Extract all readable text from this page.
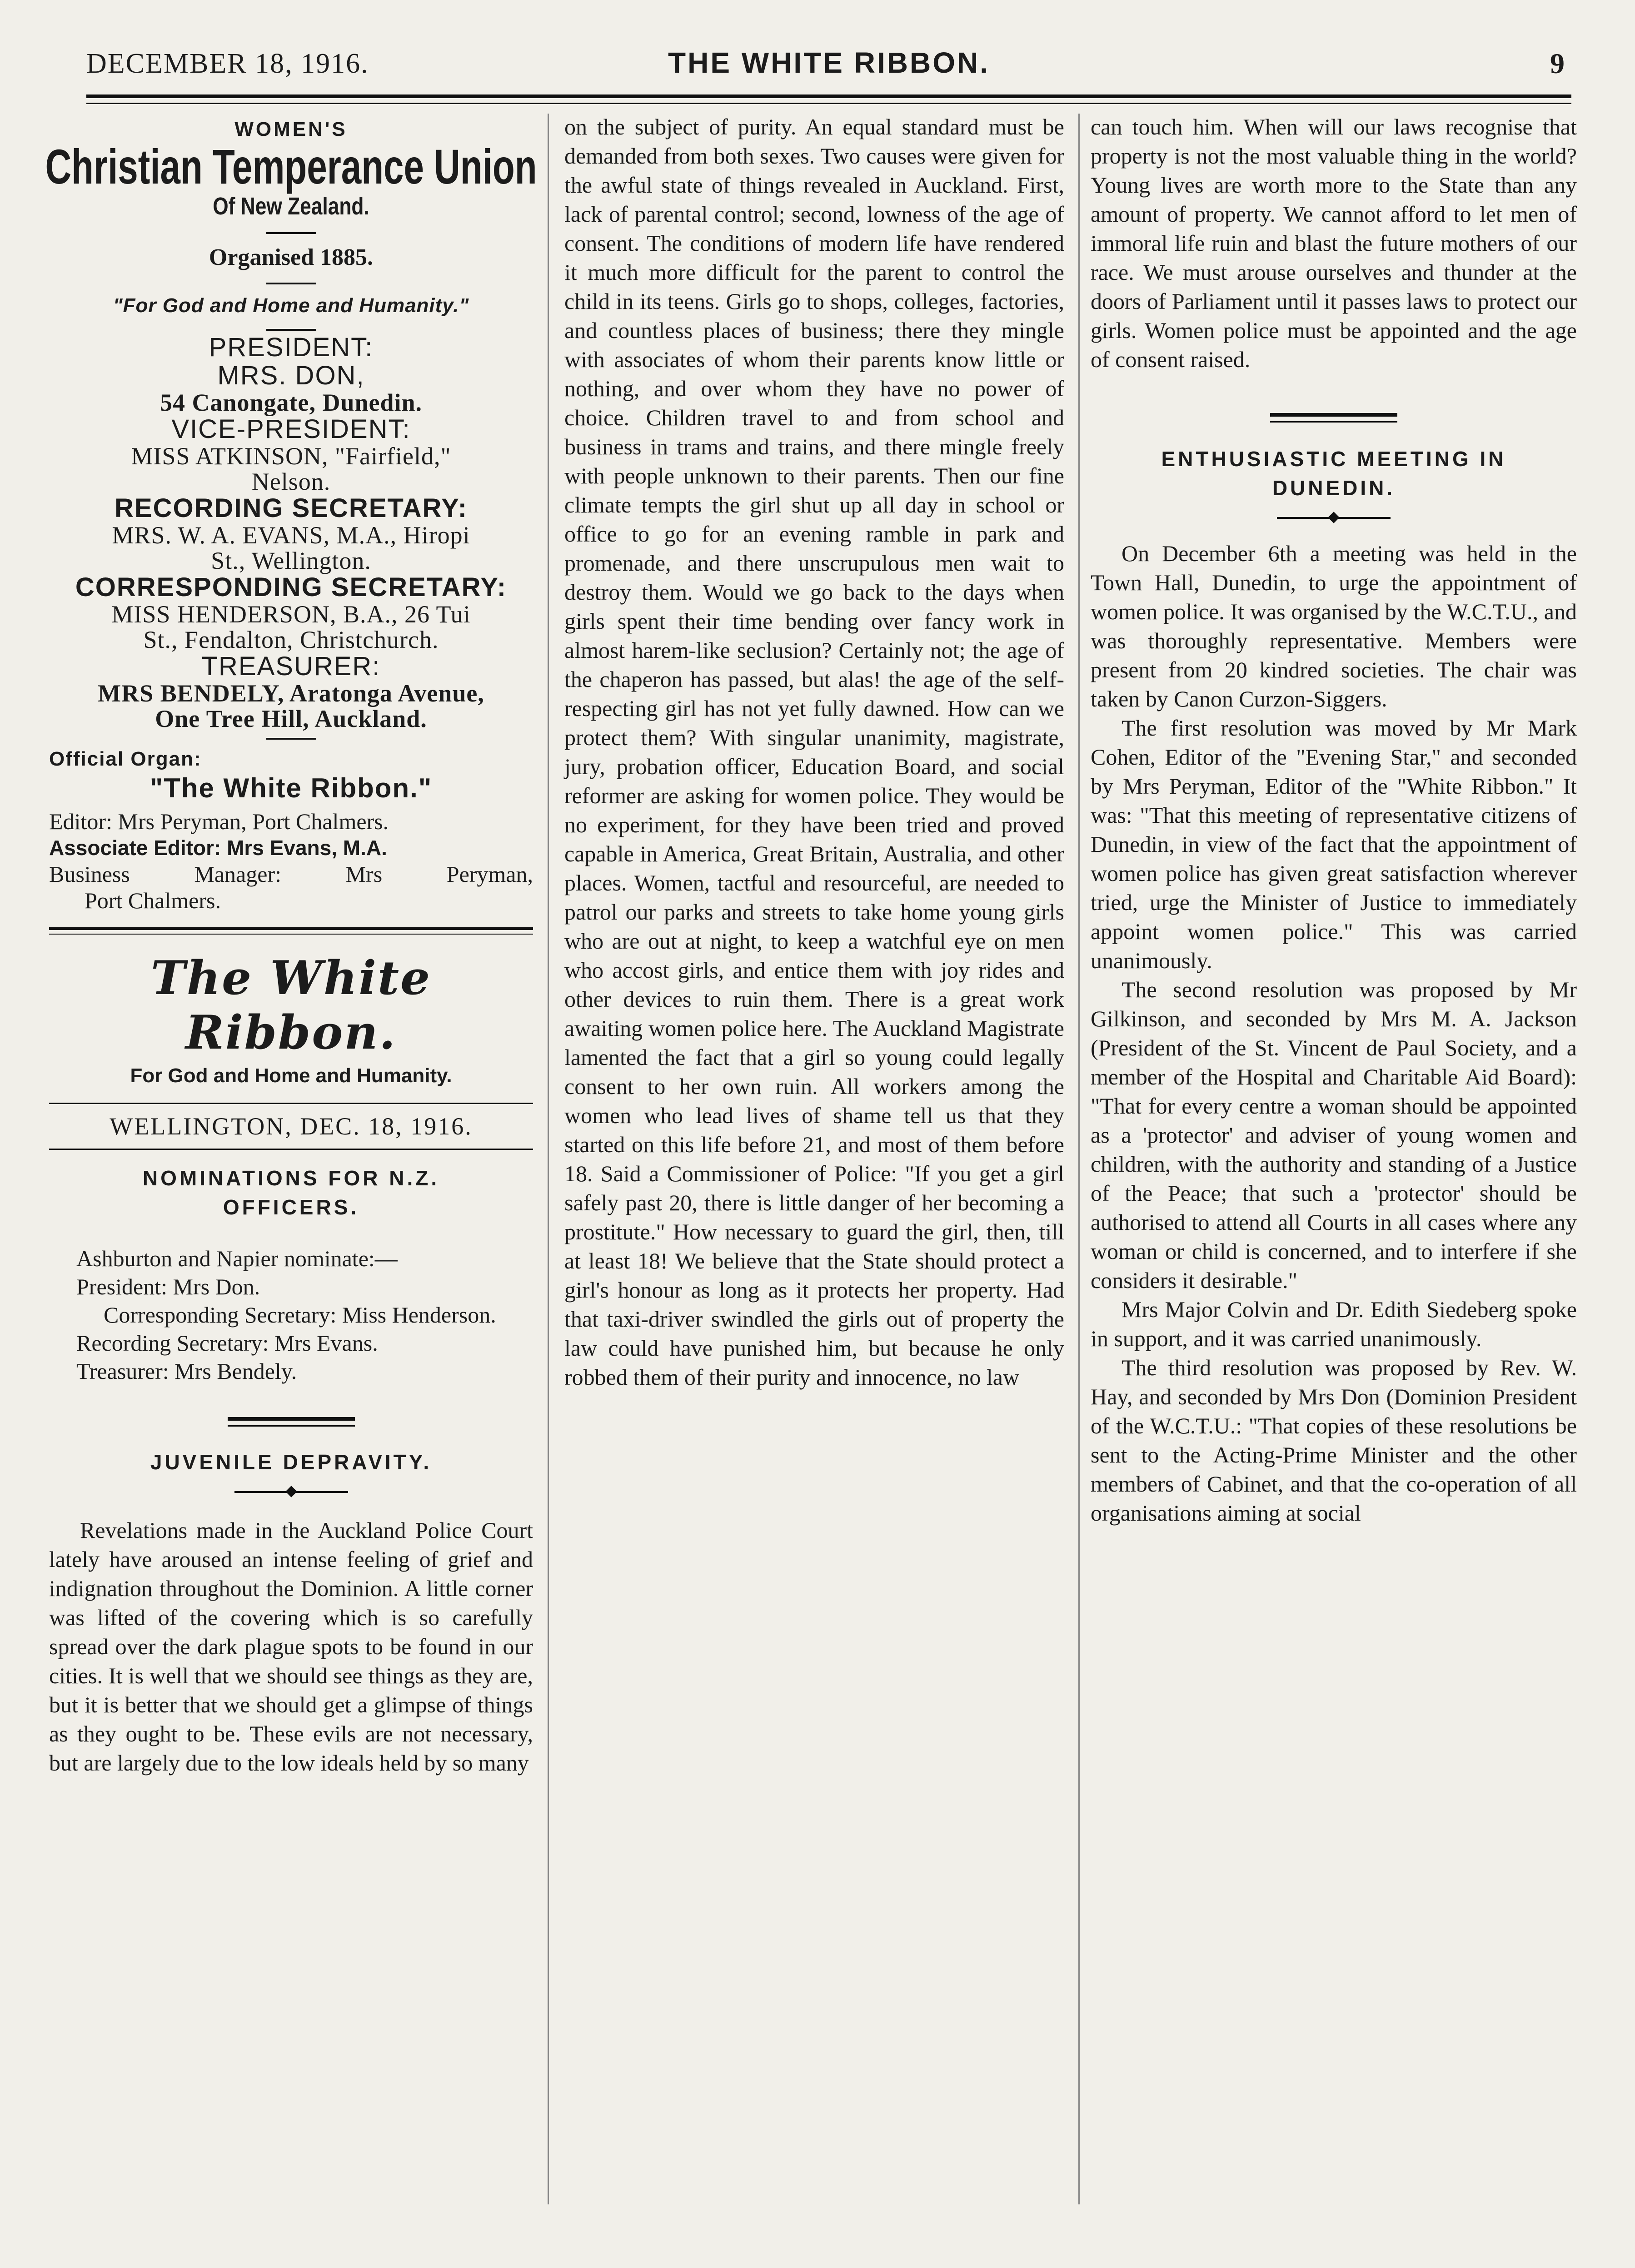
DECEMBER 18, 1916.	THE WHITE RIBBON.	9
WOMEN'S
Christian Temperance Union
Of New Zealand.
Organised 1885.
"For God and Home and Humanity."
PRESIDENT:
MRS. DON,
54 Canongate, Dunedin.
VICE-PRESIDENT:
MISS ATKINSON, "Fairfield,"
Nelson.
RECORDING SECRETARY:
MRS. W. A. EVANS, M.A., Hiropi
St., Wellington.
CORRESPONDING SECRETARY:
MISS HENDERSON, B.A., 26 Tui
St., Fendalton, Christchurch.
TREASURER:
MRS BENDELY, Aratonga Avenue,
One Tree Hill, Auckland.
Official Organ:
"The White Ribbon."
Editor: Mrs Peryman, Port Chalmers.
Associate Editor: Mrs Evans, M.A.
Business Manager: Mrs Peryman,
Port Chalmers.
The White Ribbon.
For God and Home and Humanity.
WELLINGTON, DEC. 18, 1916.
NOMINATIONS FOR N.Z.
OFFICERS.
Ashburton and Napier nominate:—
President: Mrs Don.
Corresponding Secretary: Miss Henderson.
Recording Secretary: Mrs Evans.
Treasurer: Mrs Bendely.
JUVENILE DEPRAVITY.

Revelations made in the Auckland Police Court lately have aroused an intense feeling of grief and indignation throughout the Dominion. A little corner was lifted of the covering which is so carefully spread over the dark plague spots to be found in our cities. It is well that we should see things as they are, but it is better that we should get a glimpse of things as they ought to be. These evils are not necessary, but are largely due to the low ideals held by so many

on the subject of purity. An equal standard must be demanded from both sexes. Two causes were given for the awful state of things revealed in Auckland. First, lack of parental control; second, lowness of the age of consent. The conditions of modern life have rendered it much more difficult for the parent to control the child in its teens. Girls go to shops, colleges, factories, and countless places of business; there they mingle with associates of whom their parents know little or nothing, and over whom they have no power of choice. Children travel to and from school and business in trams and trains, and there mingle freely with people unknown to their parents. Then our fine climate tempts the girl shut up all day in school or office to go for an evening ramble in park and promenade, and there unscrupulous men wait to destroy them. Would we go back to the days when girls spent their time bending over fancy work in almost harem-like seclusion? Certainly not; the age of the chaperon has passed, but alas! the age of the self-respecting girl has not yet fully dawned. How can we protect them? With singular unanimity, magistrate, jury, probation officer, Education Board, and social reformer are asking for women police. They would be no experiment, for they have been tried and proved capable in America, Great Britain, Australia, and other places. Women, tactful and resourceful, are needed to patrol our parks and streets to take home young girls who are out at night, to keep a watchful eye on men who accost girls, and entice them with joy rides and other devices to ruin them. There is a great work awaiting women police here. The Auckland Magistrate lamented the fact that a girl so young could legally consent to her own ruin. All workers among the women who lead lives of shame tell us that they started on this life before 21, and most of them before 18. Said a Commissioner of Police: "If you get a girl safely past 20, there is little danger of her becoming a prostitute." How necessary to guard the girl, then, till at least 18! We believe that the State should protect a girl's honour as long as it protects her property. Had that taxi-driver swindled the girls out of property the law could have punished him, but because he only robbed them of their purity and innocence, no law

can touch him. When will our laws recognise that property is not the most valuable thing in the world? Young lives are worth more to the State than any amount of property. We cannot afford to let men of immoral life ruin and blast the future mothers of our race. We must arouse ourselves and thunder at the doors of Parliament until it passes laws to protect our girls. Women police must be appointed and the age of consent raised.

ENTHUSIASTIC MEETING IN DUNEDIN.

On December 6th a meeting was held in the Town Hall, Dunedin, to urge the appointment of women police. It was organised by the W.C.T.U., and was thoroughly representative. Members were present from 20 kindred societies. The chair was taken by Canon Curzon-Siggers.

The first resolution was moved by Mr Mark Cohen, Editor of the "Evening Star," and seconded by Mrs Peryman, Editor of the "White Ribbon." It was: "That this meeting of representative citizens of Dunedin, in view of the fact that the appointment of women police has given great satisfaction wherever tried, urge the Minister of Justice to immediately appoint women police." This was carried unanimously.

The second resolution was proposed by Mr Gilkinson, and seconded by Mrs M. A. Jackson (President of the St. Vincent de Paul Society, and a member of the Hospital and Charitable Aid Board): "That for every centre a woman should be appointed as a 'protector' and adviser of young women and children, with the authority and standing of a Justice of the Peace; that such a 'protector' should be authorised to attend all Courts in all cases where any woman or child is concerned, and to interfere if she considers it desirable."

Mrs Major Colvin and Dr. Edith Siedeberg spoke in support, and it was carried unanimously.

The third resolution was proposed by Rev. W. Hay, and seconded by Mrs Don (Dominion President of the W.C.T.U.: "That copies of these resolutions be sent to the Acting-Prime Minister and the other members of Cabinet, and that the co-operation of all organisations aiming at social
